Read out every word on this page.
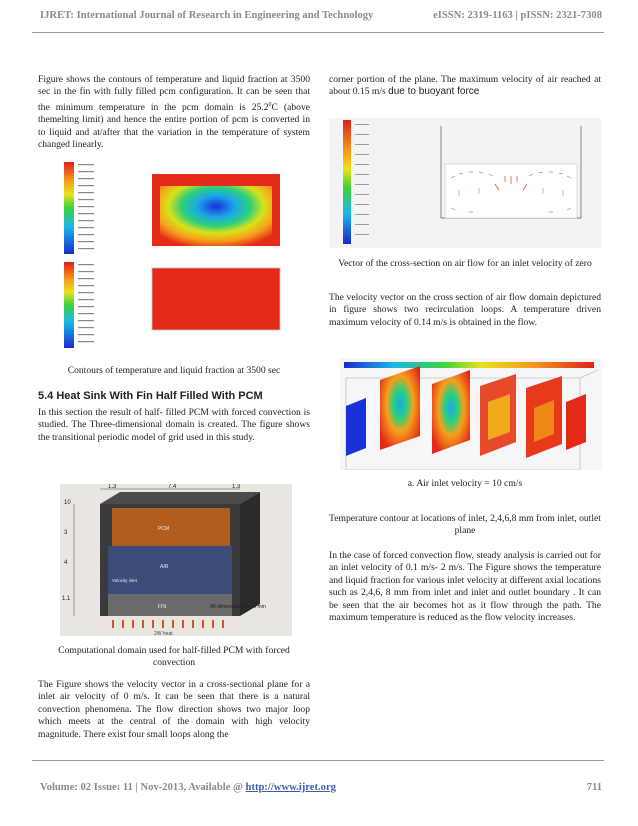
IJRET: International Journal of Research in Engineering and Technology	eISSN: 2319-1163 | pISSN: 2321-7308
Figure shows the contours of temperature and liquid fraction at 3500 sec in the fin with fully filled pcm configuration. It can be seen that the minimum temperature in the pcm domain is 25.2$^0$C (above themelting limit) and hence the entire portion of pcm is converted in to liquid and at/after that the variation in the temperature of system changed linearly.
Contours of temperature and liquid fraction at 3500 sec
5.4 Heat Sink With Fin Half Filled With PCM
In this section the result of half- filled PCM with forced convection is studied. The Three-dimensional domain is created. The figure shows the transitional periodic model of grid used in this study.
1.3	7.4	1.3
10
3
4
1.1
PCM
AIR
Velocity inlet
FIN	All dimensions are in mm
2W heat
Computational domain used for half-filled PCM with forced convection
The Figure shows the velocity vector in a cross-sectional plane for a inlet air velocity of 0 m/s. It can be seen that there is a natural convection phenomena. The flow direction shows two major loop which meets at the central of the domain with high velocity magnitude. There exist four small loops along the
corner portion of the plane. The maximum velocity of air reached at about 0.15 m/s due to buoyant force
Vector of the cross-section on air flow for an inlet velocity of zero
The velocity vector on the cross section of air flow domain depictured in figure shows two recirculation loops. A temperature driven maximum velocity of 0.14 m/s is obtained in the flow.
a. Air inlet velocity = 10 cm/s
Temperature contour at locations of inlet, 2,4,6,8 mm from inlet, outlet plane
In the case of forced convection flow, steady analysis is carried out for an inlet velocity of 0.1 m/s- 2 m/s. The Figure shows the temperature and liquid fraction for various inlet velocity at different axial locations such as 2,4,6, 8 mm from inlet and inlet and outlet boundary . It can be seen that the air becomes hot as it flow through the path. The maximum temperature is reduced as the flow velocity increases.
Volume: 02 Issue: 11 | Nov-2013, Available @ http://www.ijret.org	711
